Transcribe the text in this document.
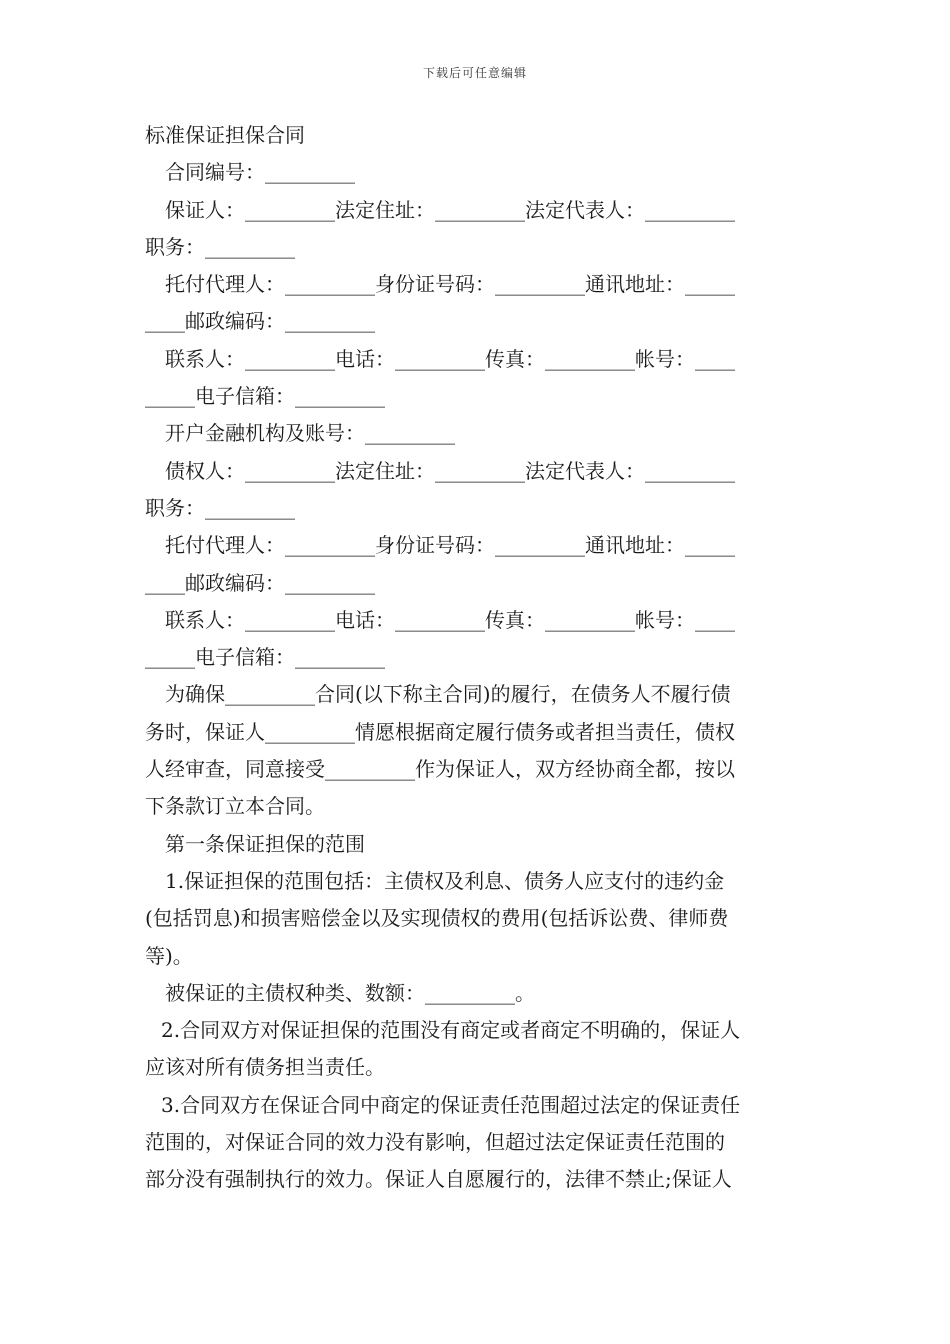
下载后可任意编辑

标准保证担保合同

合同编号：_________

保证人：_________法定住址：_________法定代表人：_________

职务：_________

托付代理人：_________身份证号码：_________通讯地址：_____

____邮政编码：_________

联系人：_________电话：_________传真：_________帐号：____

_____电子信箱：_________

开户金融机构及账号：_________

债权人：_________法定住址：_________法定代表人：_________

职务：_________

托付代理人：_________身份证号码：_________通讯地址：_____

____邮政编码：_________

联系人：_________电话：_________传真：_________帐号：____

_____电子信箱：_________

为确保_________合同(以下称主合同)的履行，在债务人不履行债

务时，保证人_________情愿根据商定履行债务或者担当责任，债权

人经审查，同意接受_________作为保证人，双方经协商全都，按以

下条款订立本合同。

第一条保证担保的范围

1.保证担保的范围包括：主债权及利息、债务人应支付的违约金

(包括罚息)和损害赔偿金以及实现债权的费用(包括诉讼费、律师费

等)。

被保证的主债权种类、数额：_________。

2.合同双方对保证担保的范围没有商定或者商定不明确的，保证人

应该对所有债务担当责任。

3.合同双方在保证合同中商定的保证责任范围超过法定的保证责任

范围的，对保证合同的效力没有影响，但超过法定保证责任范围的

部分没有强制执行的效力。保证人自愿履行的，法律不禁止;保证人
